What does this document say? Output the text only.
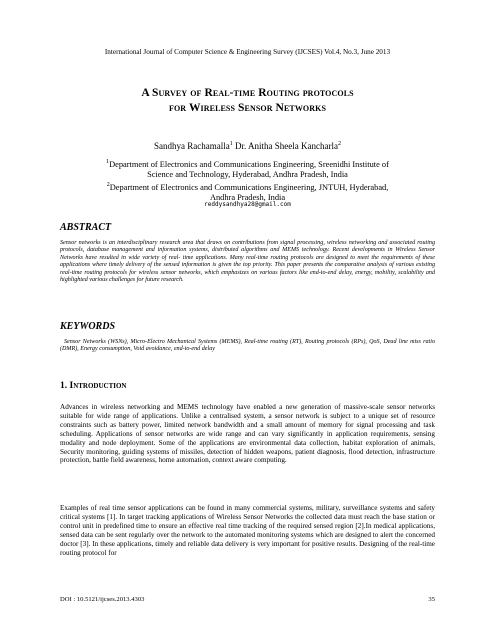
International Journal of Computer Science & Engineering Survey (IJCSES) Vol.4, No.3, June 2013
A Survey of Real-time Routing protocols
for Wireless Sensor Networks
Sandhya Rachamalla$^1$ Dr. Anitha Sheela Kancharla$^2$
$^1$Department of Electronics and Communications Engineering, Sreenidhi Institute of
Science and Technology, Hyderabad, Andhra Pradesh, India
$^2$Department of Electronics and Communications Engineering, JNTUH, Hyderabad,
Andhra Pradesh, India
reddysandhya28@gmail.com
ABSTRACT
Sensor networks is an interdisciplinary research area that draws on contributions from signal processing, wireless networking and associated routing protocols, database management and information systems, distributed algorithms and MEMS technology. Recent developments in Wireless Sensor Networks have resulted in wide variety of real- time applications. Many real-time routing protocols are designed to meet the requirements of these applications where timely delivery of the sensed information is given the top priority. This paper presents the comparative analysis of various existing real-time routing protocols for wireless sensor networks, which emphasizes on various factors like end-to-end delay, energy, mobility, scalability and highlighted various challenges for future research.
KEYWORDS
Sensor Networks (WSNs), Micro-Electro Mechanical Systems (MEMS), Real-time routing (RT), Routing protocols (RPs), QoS, Dead line miss ratio (DMR), Energy consumption, Void avoidance, end-to-end delay
1. Introduction
Advances in wireless networking and MEMS technology have enabled a new generation of massive-scale sensor networks suitable for wide range of applications. Unlike a centralised system, a sensor network is subject to a unique set of resource constraints such as battery power, limited network bandwidth and a small amount of memory for signal processing and task scheduling. Applications of sensor networks are wide range and can vary significantly in application requirements, sensing modality and node deployment. Some of the applications are environmental data collection, habitat exploration of animals, Security monitoring, guiding systems of missiles, detection of hidden weapons, patient diagnosis, flood detection, infrastructure protection, battle field awareness, home automation, context aware computing.
Examples of real time sensor applications can be found in many commercial systems, military, surveillance systems and safety critical systems [1]. In target tracking applications of Wireless Sensor Networks the collected data must reach the base station or control unit in predefined time to ensure an effective real time tracking of the required sensed region [2].In medical applications, sensed data can be sent regularly over the network to the automated monitoring systems which are designed to alert the concerned doctor [3]. In these applications, timely and reliable data delivery is very important for positive results. Designing of the real-time routing protocol for
DOI : 10.5121/ijcses.2013.4303	35
